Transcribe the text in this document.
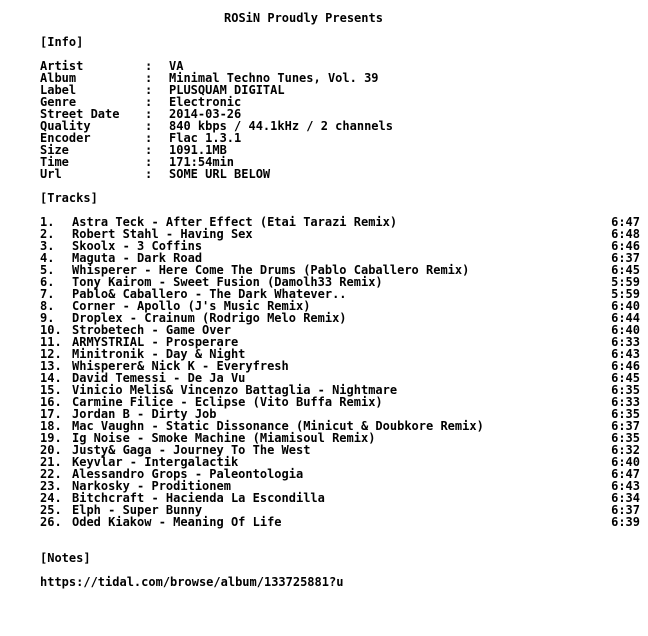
ROSiN Proudly Presents
[Info]
Artist	:	VA
Album	:	Minimal Techno Tunes, Vol. 39
Label	:	PLUSQUAM DIGITAL
Genre	:	Electronic
Street Date	:	2014-03-26
Quality	:	840 kbps / 44.1kHz / 2 channels
Encoder	:	Flac 1.3.1
Size	:	1091.1MB
Time	:	171:54min
Url	:	SOME URL BELOW
[Tracks]
1.	Astra Teck - After Effect (Etai Tarazi Remix)	6:47
2.	Robert Stahl - Having Sex	6:48
3.	Skoolx - 3 Coffins	6:46
4.	Maguta - Dark Road	6:37
5.	Whisperer - Here Come The Drums (Pablo Caballero Remix)	6:45
6.	Tony Kairom - Sweet Fusion (Damolh33 Remix)	5:59
7.	Pablo& Caballero - The Dark Whatever..	5:59
8.	Corner - Apollo (J's Music Remix)	6:40
9.	Droplex - Crainum (Rodrigo Melo Remix)	6:44
10. Strobetech - Game Over	6:40
11. ARMYSTRIAL - Prosperare	6:33
12. Minitronik - Day & Night	6:43
13. Whisperer& Nick K - Everyfresh	6:46
14. David Temessi - De Ja Vu	6:45
15. Vinicio Melis& Vincenzo Battaglia - Nightmare	6:35
16. Carmine Filice - Eclipse (Vito Buffa Remix)	6:33
17. Jordan B - Dirty Job	6:35
18. Mac Vaughn - Static Dissonance (Minicut & Doubkore Remix)	6:37
19. Ig Noise - Smoke Machine (Miamisoul Remix)	6:35
20. Justy& Gaga - Journey To The West	6:32
21. Keyvlar - Intergalactik	6:40
22. Alessandro Grops - Paleontologia	6:47
23. Narkosky - Proditionem	6:43
24. Bitchcraft - Hacienda La Escondilla	6:34
25. Elph - Super Bunny	6:37
26. Oded Kiakow - Meaning Of Life	6:39
[Notes]
https://tidal.com/browse/album/133725881?u
